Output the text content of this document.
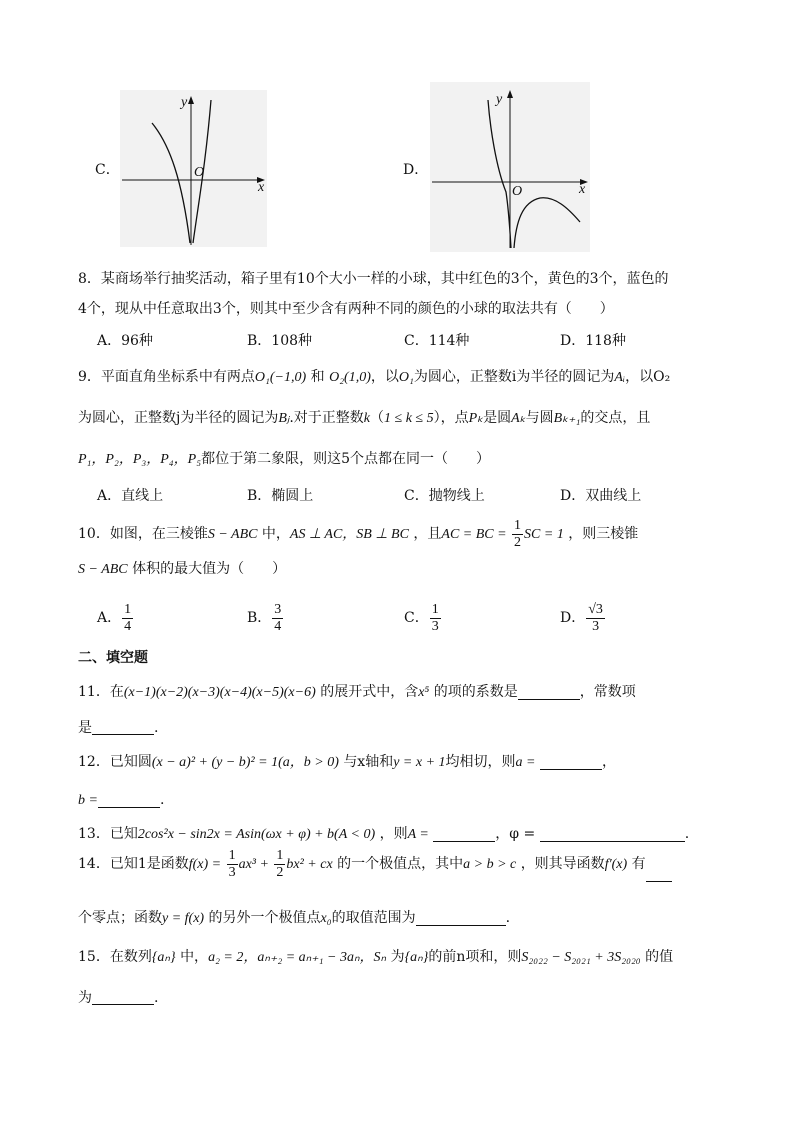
y
x
O
C．
y
x
O
D．
8．某商场举行抽奖活动，箱子里有10个大小一样的小球，其中红色的3个，黄色的3个，蓝色的
4个，现从中任意取出3个，则其中至少含有两种不同的颜色的小球的取法共有（　　）
A．96种	B．108种	C．114种	D．118种
9．平面直角坐标系中有两点O₁(−1,0) 和 O₂(1,0)，以O₁为圆心，正整数i为半径的圆记为Aᵢ，以O₂
为圆心，正整数j为半径的圆记为Bⱼ.对于正整数k（1 ≤ k ≤ 5），点Pₖ是圆Aₖ与圆Bₖ₊₁的交点，且
P₁，P₂，P₃，P₄，P₅都位于第二象限，则这5个点都在同一（　　）
A．直线上	B．椭圆上	C．抛物线上	D．双曲线上
10．如图，在三棱锥S − ABC 中，AS ⊥ AC，SB ⊥ BC ，且AC = BC = $\frac{1}{2}$ SC = 1 ，则三棱锥
S − ABC 体积的最大值为（　　）
A． $\frac{1}{4}$	B． $\frac{3}{4}$	C． $\frac{1}{3}$	D． $\frac{√3}{3}$
二、填空题
11．在(x−1)(x−2)(x−3)(x−4)(x−5)(x−6) 的展开式中，含x⁵ 的项的系数是	，常数项
是	.
12．已知圆(x − a)² + (y − b)² = 1(a，b > 0) 与x轴和y = x + 1均相切，则a =	，
b =	.
13．已知2cos²x − sin2x = Asin(ωx + φ) + b(A < 0) ，则A =	，φ =	.
14．已知1是函数$f(x) = \frac{1}{3} ax^3 + \frac{1}{2} bx^2$ + cx 的一个极值点，其中a > b > c ，则其导函数f′(x) 有
个零点；函数y = f(x) 的另外一个极值点x₀的取值范围为	.
15．在数列{aₙ} 中，a₂ = 2，aₙ₊₂ = aₙ₊₁ − 3aₙ，Sₙ 为{aₙ}的前n项和，则S₂₀₂₂ − S₂₀₂₁ + 3S₂₀₂₀ 的值
为	.
